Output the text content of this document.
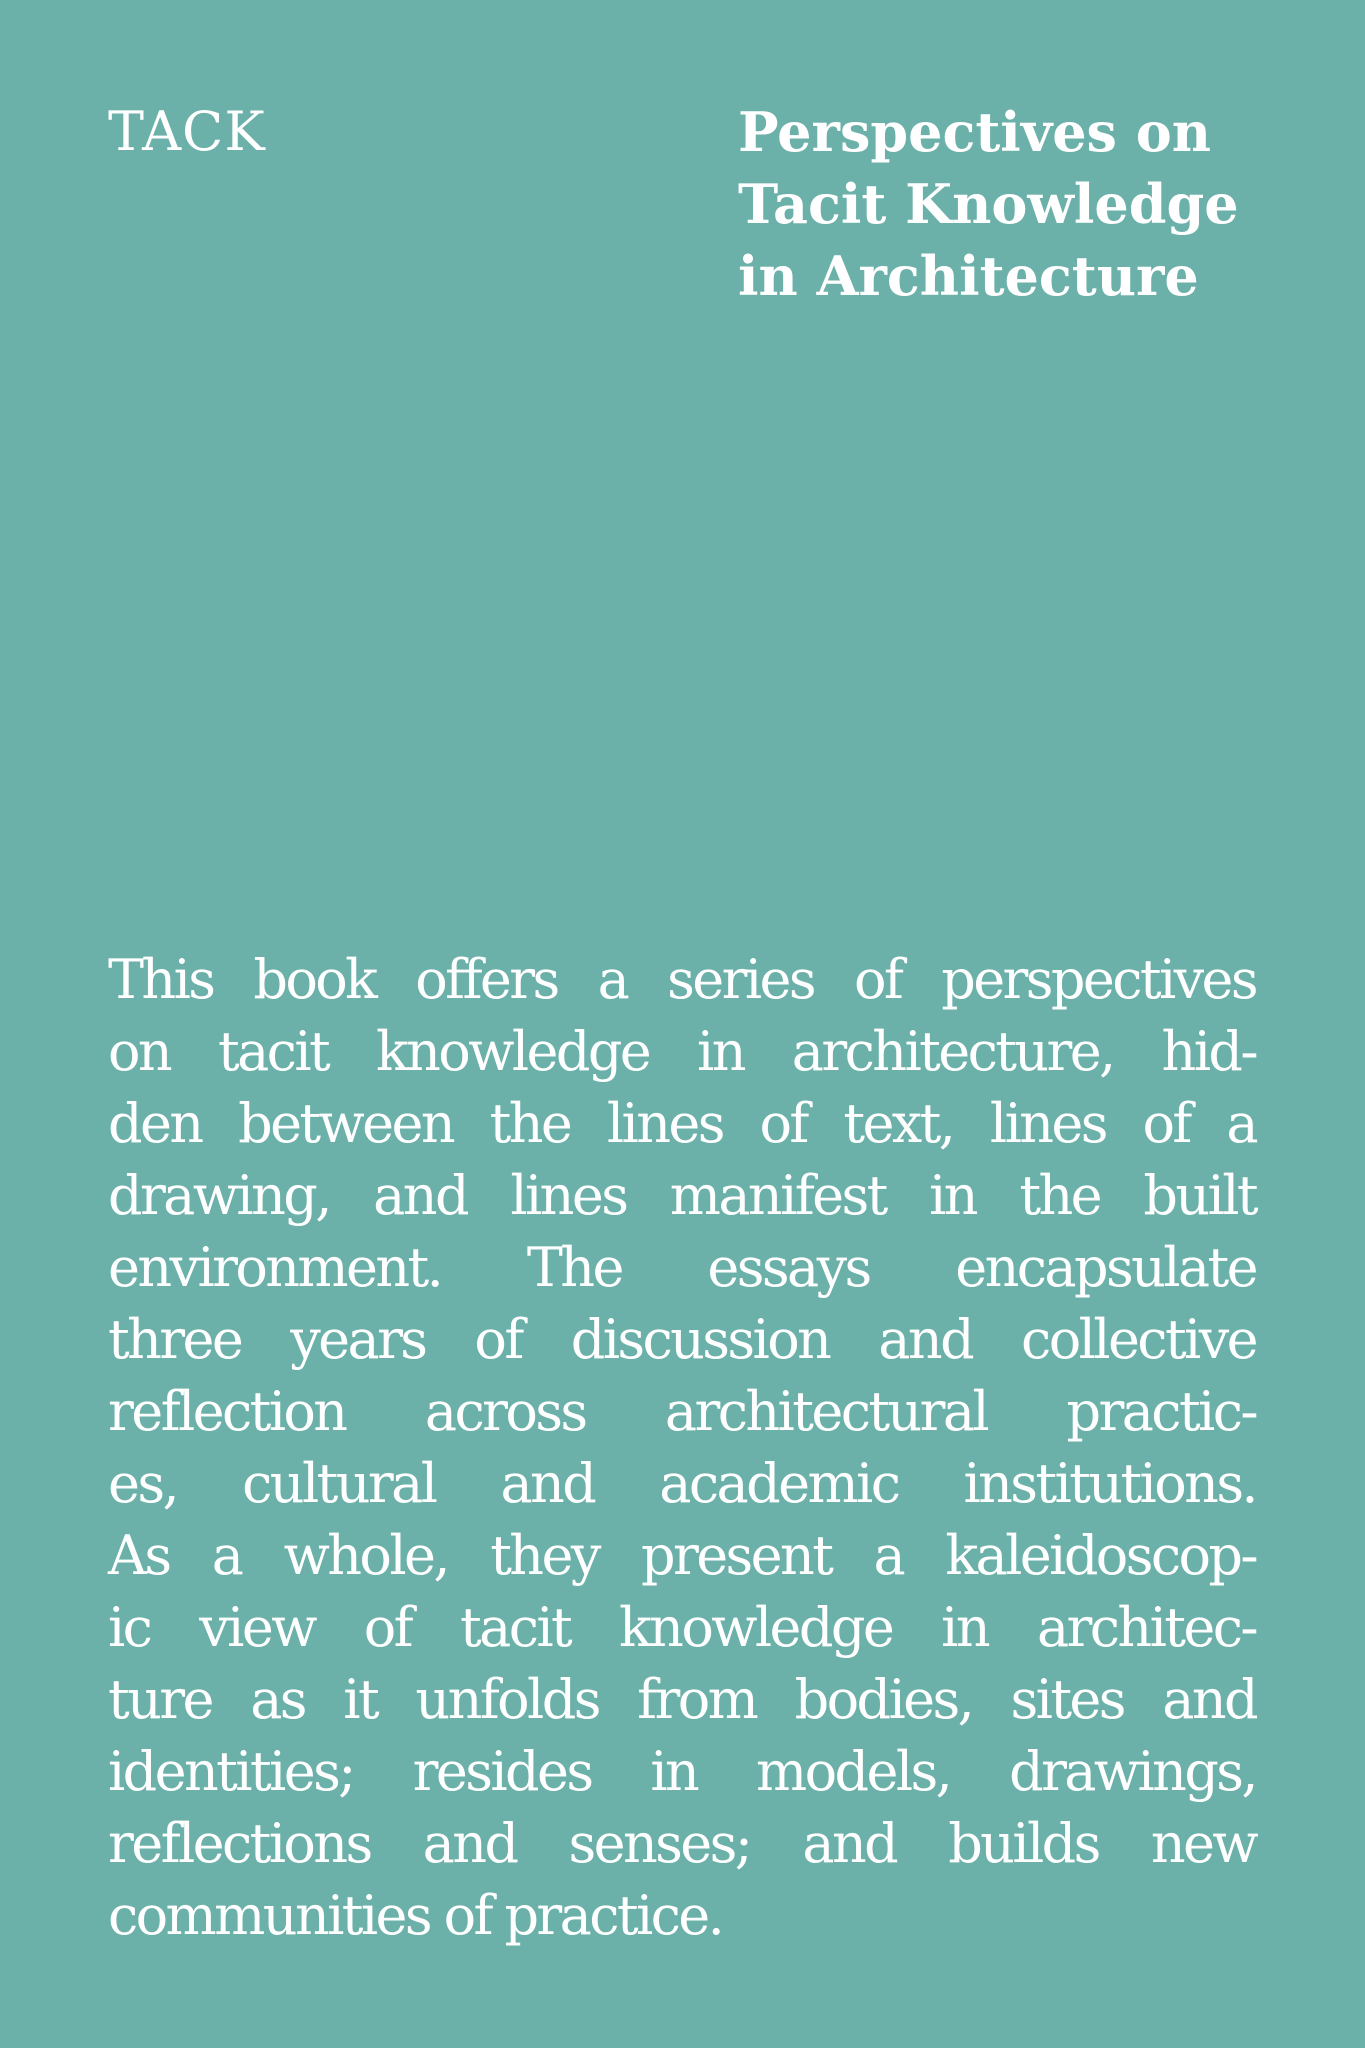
TACK	Perspectives on
Tacit Knowledge
in Architecture
This book offers a series of perspectives
on tacit knowledge in architecture, hid-
den between the lines of text, lines of a
drawing, and lines manifest in the built
environment. The essays encapsulate
three years of discussion and collective
reflection across architectural practic-
es, cultural and academic institutions.
As a whole, they present a kaleidoscop-
ic view of tacit knowledge in architec-
ture as it unfolds from bodies, sites and
identities; resides in models, drawings,
reflections and senses; and builds new
communities of practice.
